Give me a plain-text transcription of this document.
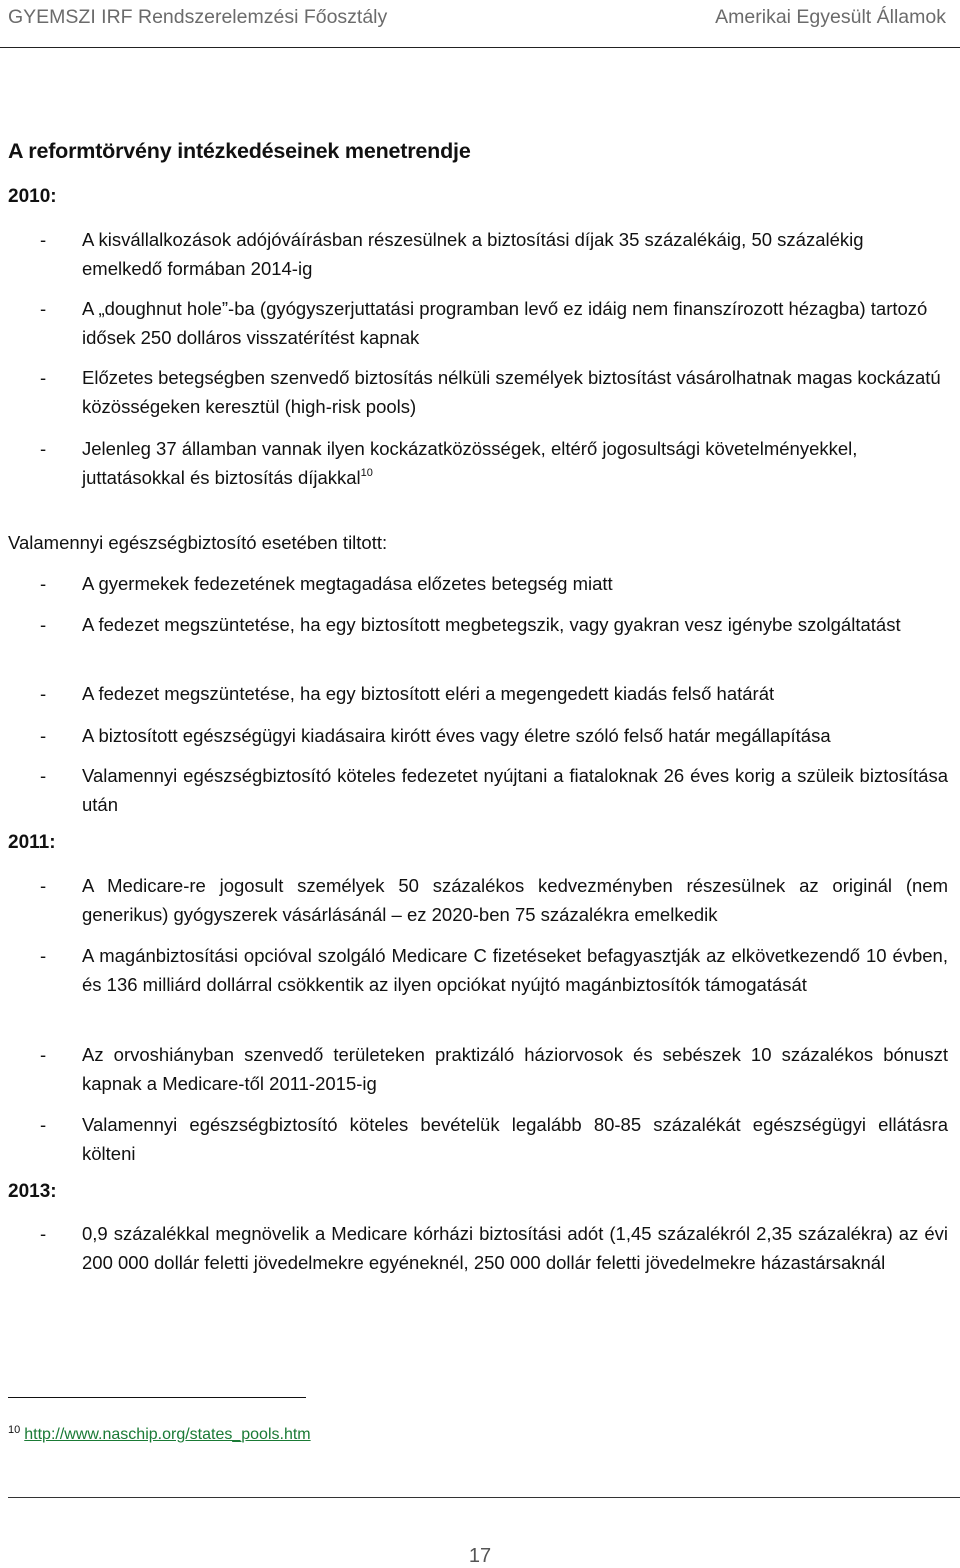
GYEMSZI IRF Rendszerelemzési Főosztály	Amerikai Egyesült Államok
A reformtörvény intézkedéseinek menetrendje
2010:
- A kisvállalkozások adójóváírásban részesülnek a biztosítási díjak 35 százalékáig, 50 százalékig emelkedő formában 2014-ig
- A „doughnut hole”-ba (gyógyszerjuttatási programban levő ez idáig nem finanszírozott hézagba) tartozó idősek 250 dolláros visszatérítést kapnak
- Előzetes betegségben szenvedő biztosítás nélküli személyek biztosítást vásárolhatnak magas kockázatú közösségeken keresztül (high-risk pools)
- Jelenleg 37 államban vannak ilyen kockázatközösségek, eltérő jogosultsági követelményekkel, juttatásokkal és biztosítás díjakkal$^{10}$
Valamennyi egészségbiztosító esetében tiltott:
- A gyermekek fedezetének megtagadása előzetes betegség miatt
- A fedezet megszüntetése, ha egy biztosított megbetegszik, vagy gyakran vesz igénybe szolgáltatást
- A fedezet megszüntetése, ha egy biztosított eléri a megengedett kiadás felső határát
- A biztosított egészségügyi kiadásaira kirótt éves vagy életre szóló felső határ megállapítása
- Valamennyi egészségbiztosító köteles fedezetet nyújtani a fiataloknak 26 éves korig a szüleik biztosítása után
2011:
- A Medicare-re jogosult személyek 50 százalékos kedvezményben részesülnek az originál (nem generikus) gyógyszerek vásárlásánál – ez 2020-ben 75 százalékra emelkedik
- A magánbiztosítási opcióval szolgáló Medicare C fizetéseket befagyasztják az elkövetkezendő 10 évben, és 136 milliárd dollárral csökkentik az ilyen opciókat nyújtó magánbiztosítók támogatását
- Az orvoshiányban szenvedő területeken praktizáló háziorvosok és sebészek 10 százalékos bónuszt kapnak a Medicare-től 2011-2015-ig
- Valamennyi egészségbiztosító köteles bevételük legalább 80-85 százalékát egészségügyi ellátásra költeni
2013:
- 0,9 százalékkal megnövelik a Medicare kórházi biztosítási adót (1,45 százalékról 2,35 százalékra) az évi 200 000 dollár feletti jövedelmekre egyéneknél, 250 000 dollár feletti jövedelmekre házastársaknál
$^{10}$ http://www.naschip.org/states_pools.htm
17
